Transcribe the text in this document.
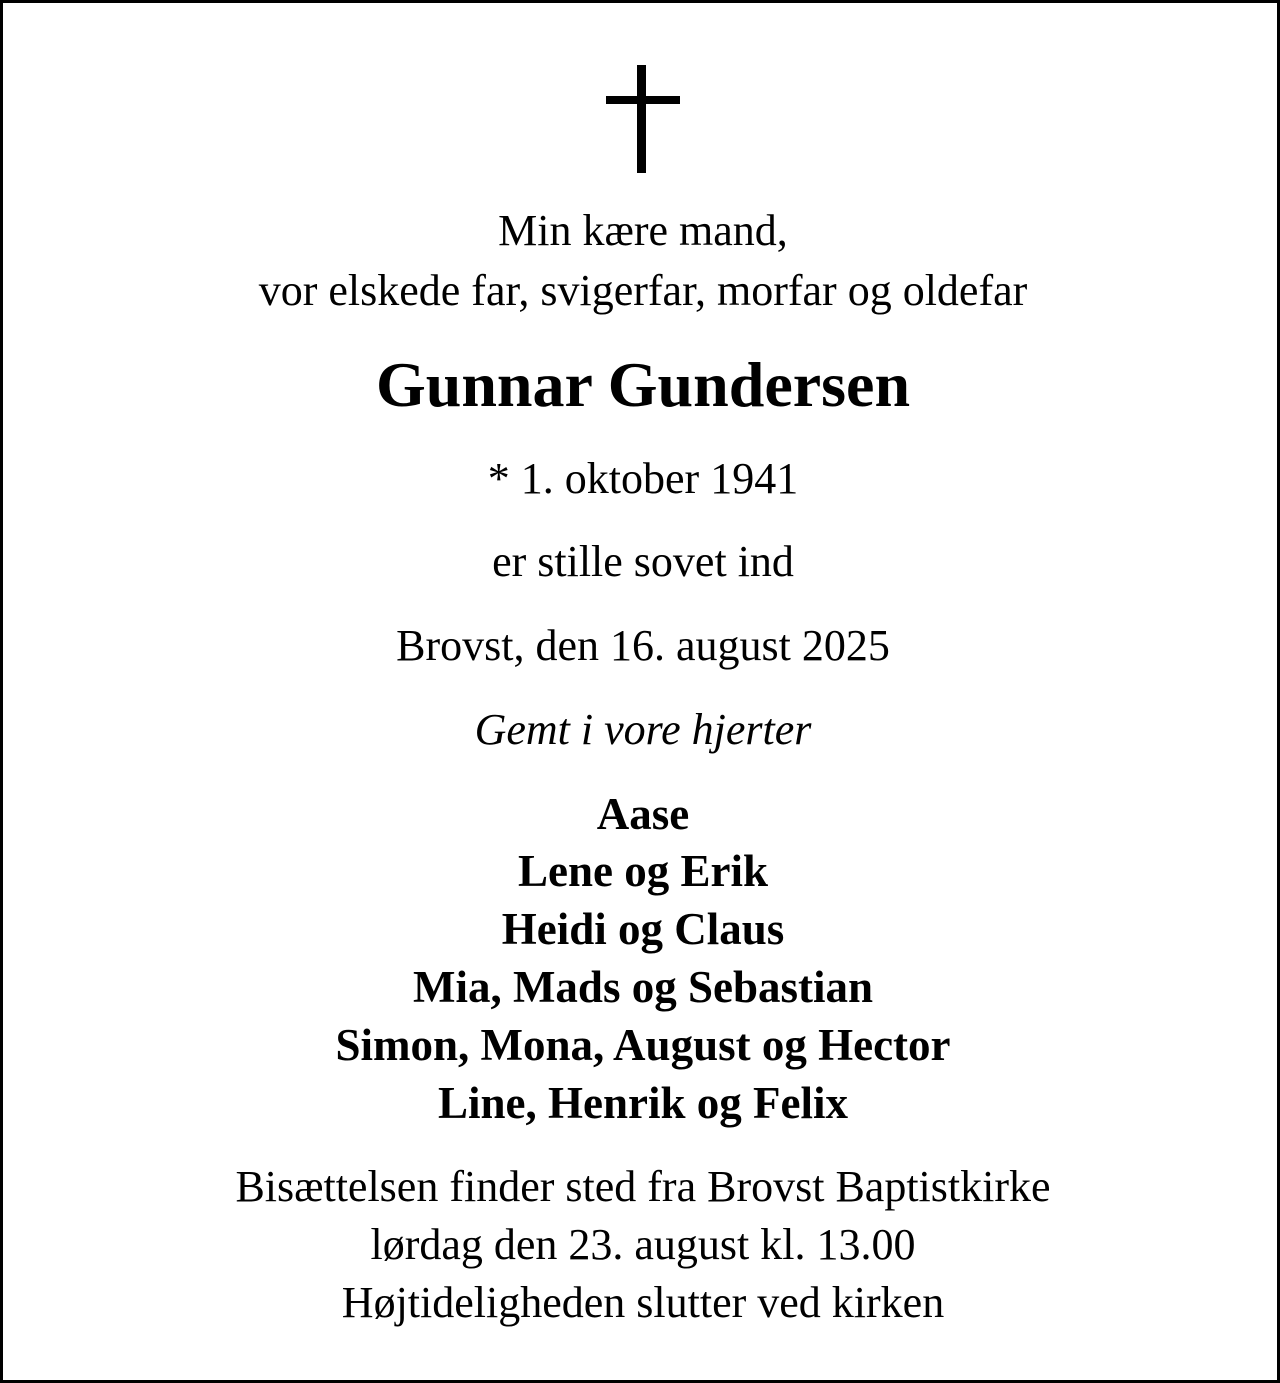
Min kære mand,
vor elskede far, svigerfar, morfar og oldefar
Gunnar Gundersen
* 1. oktober 1941
er stille sovet ind
Brovst, den 16. august 2025
Gemt i vore hjerter
Aase
Lene og Erik
Heidi og Claus
Mia, Mads og Sebastian
Simon, Mona, August og Hector
Line, Henrik og Felix
Bisættelsen finder sted fra Brovst Baptistkirke
lørdag den 23. august kl. 13.00
Højtideligheden slutter ved kirken
